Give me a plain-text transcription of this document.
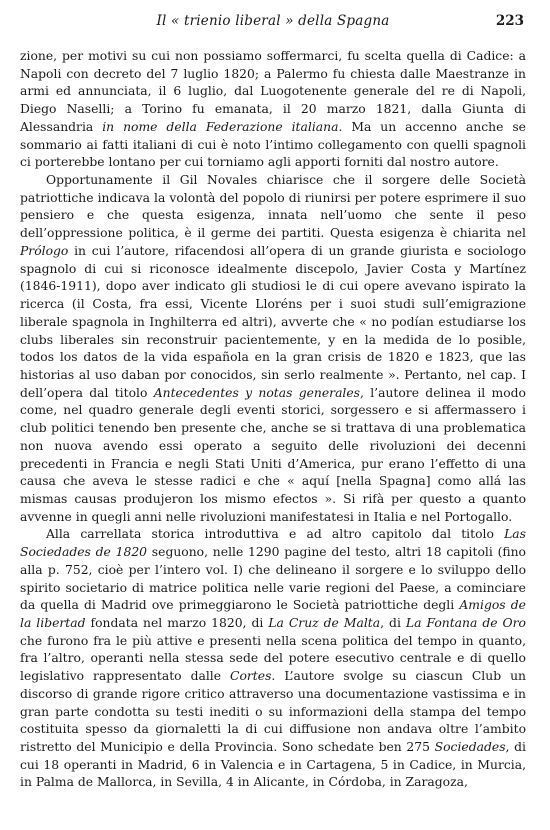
Il « trienio liberal » della Spagna	223

zione, per motivi su cui non possiamo soffermarci, fu scelta quella di Cadice: a Napoli con decreto del 7 luglio 1820; a Palermo fu chiesta dalle Maestranze in armi ed annunciata, il 6 luglio, dal Luogotenente generale del re di Napoli, Diego Naselli; a Torino fu emanata, il 20 marzo 1821, dalla Giunta di Alessandria in nome della Federazione italiana. Ma un accenno anche se sommario ai fatti italiani di cui è noto l’intimo collegamento con quelli spagnoli ci porterebbe lontano per cui torniamo agli apporti forniti dal nostro autore.

Opportunamente il Gil Novales chiarisce che il sorgere delle Società patriottiche indicava la volontà del popolo di riunirsi per potere esprimere il suo pensiero e che questa esigenza, innata nell’uomo che sente il peso dell’oppressione politica, è il germe dei partiti. Questa esigenza è chiarita nel Prólogo in cui l’autore, rifacendosi all’opera di un grande giurista e sociologo spagnolo di cui si riconosce idealmente discepolo, Javier Costa y Martínez (1846-1911), dopo aver indicato gli studiosi le di cui opere avevano ispirato la ricerca (il Costa, fra essi, Vicente Lloréns per i suoi studi sull’emigrazione liberale spagnola in Inghilterra ed altri), avverte che « no podían estudiarse los clubs liberales sin reconstruir pacientemente, y en la medida de lo posible, todos los datos de la vida española en la gran crisis de 1820 e 1823, que las historias al uso daban por conocidos, sin serlo realmente ». Pertanto, nel cap. I dell’opera dal titolo Antecedentes y notas generales, l’autore delinea il modo come, nel quadro generale degli eventi storici, sorgessero e si affermassero i club politici tenendo ben presente che, anche se si trattava di una problematica non nuova avendo essi operato a seguito delle rivoluzioni dei decenni precedenti in Francia e negli Stati Uniti d’America, pur erano l’effetto di una causa che aveva le stesse radici e che « aquí [nella Spagna] como allá las mismas causas produjeron los mismo efectos ». Si rifà per questo a quanto avvenne in quegli anni nelle rivoluzioni manifestatesi in Italia e nel Portogallo.

Alla carrellata storica introduttiva e ad altro capitolo dal titolo Las Sociedades de 1820 seguono, nelle 1290 pagine del testo, altri 18 capitoli (fino alla p. 752, cioè per l’intero vol. I) che delineano il sorgere e lo sviluppo dello spirito societario di matrice politica nelle varie regioni del Paese, a cominciare da quella di Madrid ove primeggiarono le Società patriottiche degli Amigos de la libertad fondata nel marzo 1820, di La Cruz de Malta, di La Fontana de Oro che furono fra le più attive e presenti nella scena politica del tempo in quanto, fra l’altro, operanti nella stessa sede del potere esecutivo centrale e di quello legislativo rappresentato dalle Cortes. L’autore svolge su ciascun Club un discorso di grande rigore critico attraverso una documentazione vastissima e in gran parte condotta su testi inediti o su informazioni della stampa del tempo costituita spesso da giornaletti la di cui diffusione non andava oltre l’ambito ristretto del Municipio e della Provincia. Sono schedate ben 275 Sociedades, di cui 18 operanti in Madrid, 6 in Valencia e in Cartagena, 5 in Cadice, in Murcia, in Palma de Mallorca, in Sevilla, 4 in Alicante, in Córdoba, in Zaragoza,
